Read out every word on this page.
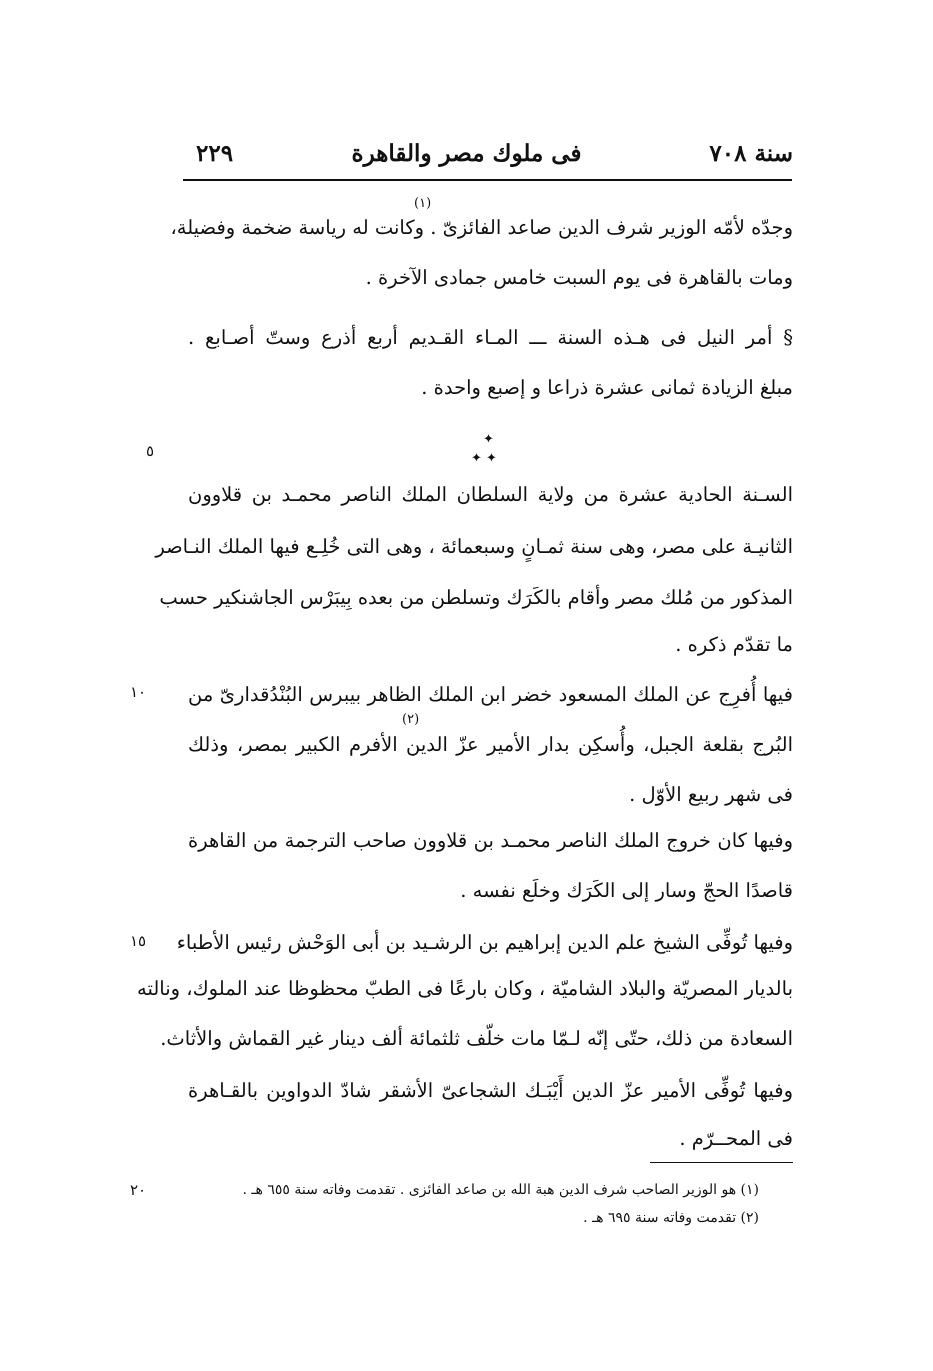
سنة ٧٠٨
فى ملوك مصر والقاهرة
٢٢٩
(١)
وجدّه لأمّه الوزير شرف الدين صاعد الفائزىّ . وكانت له رياسة ضخمة وفضيلة،
ومات بالقاهرة فى يوم السبت خامس جمادى الآخرة .
§ أمر النيل فى هـذه السنة ـــ المـاء القـديم أربع أذرع وستّ أصـابع .
مبلغ الزيادة ثمانى عشرة ذراعا و إصبع واحدة .
✦
✦ ✦
٥
السـنة الحادية عشرة من ولاية السلطان الملك الناصر محمـد بن قلاوون
الثانيـة على مصر، وهى سنة ثمـانٍ وسبعمائة ، وهى التى خُلِـع فيها الملك النـاصر
المذكور من مُلك مصر وأقام بالكَرَك وتسلطن من بعده بِيبَرْس الجاشنكير حسب
ما تقدّم ذكره .
١٠ فيها أُفرِج عن الملك المسعود خضر ابن الملك الظاهر بيبرس البُنْدُقدارىّ من
(٢)
البُرج بقلعة الجبل، وأُسكِن بدار الأمير عزّ الدين الأفرم الكبير بمصر، وذلك
فى شهر ربيع الأوّل .
وفيها كان خروج الملك الناصر محمـد بن قلاوون صاحب الترجمة من القاهرة
قاصدًا الحجّ وسار إلى الكَرَك وخلَع نفسه .
١٥ وفيها تُوفِّى الشيخ علم الدين إبراهيم بن الرشـيد بن أبى الوَحْش رئيس الأطباء
بالديار المصريّة والبلاد الشاميّة ، وكان بارعًا فى الطبّ محظوظا عند الملوك، ونالته
السعادة من ذلك، حتّى إنّه لـمّا مات خلّف ثلثمائة ألف دينار غير القماش والأثاث.
وفيها تُوفِّى الأمير عزّ الدين أَيْبَـك الشجاعىّ الأشقر شادّ الدواوين بالقـاهرة
فى المحــرّم .
٢٠	(١) هو الوزير الصاحب شرف الدين هبة الله بن صاعد الفائزى . تقدمت وفاته سنة ٦٥٥ هـ .
(٢) تقدمت وفاته سنة ٦٩٥ هـ .
